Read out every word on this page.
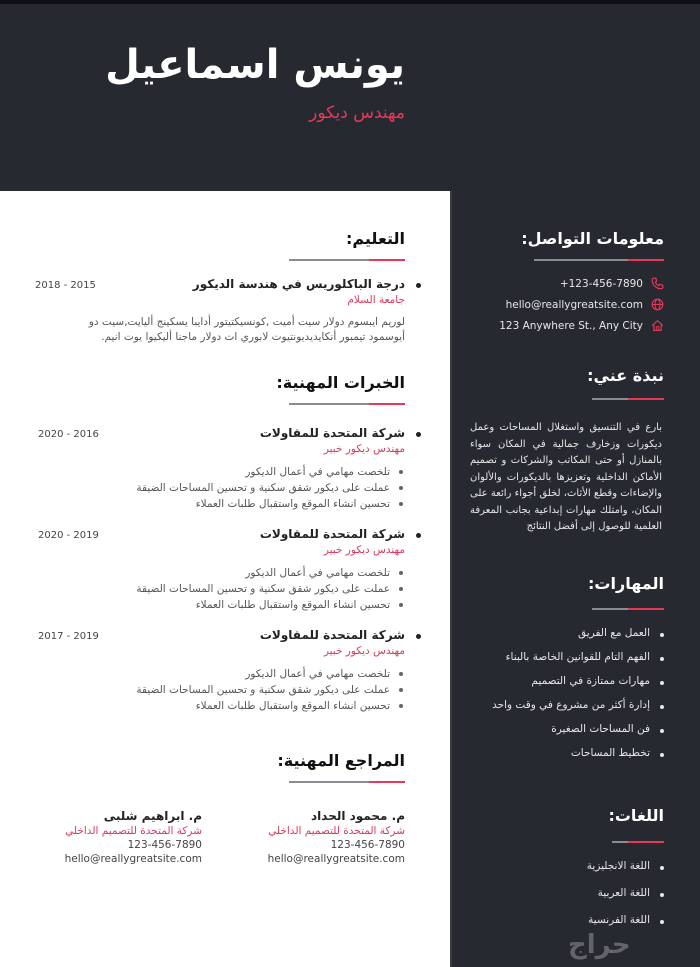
يونس اسماعيل
مهندس ديكور
معلومات التواصل:
+123-456-7890
hello@reallygreatsite.com
123 Anywhere St., Any City
نبذة عني:
بارع في التنسيق واستغلال المساحات وعمل ديكورات وزخارف جمالية في المكان سواء بالمنازل أو حتى المكاتب والشركات و تصميم الأماكن الداخلية وتعزيزها بالديكورات والألوان والإضاءات وقطع الأثاث، لخلق أجواء رائعة على المكان، وامتلك مهارات إبداعية بجانب المعرفة العلمية للوصول إلى أفضل النتائج
المهارات:
العمل مع الفريق
الفهم التام للقوانين الخاصة بالبناء
مهارات ممتازة في التصميم
إدارة أكثر من مشروع في وقت واحد
فن المساحات الصغيرة
تخطيط المساحات
اللغات:
اللغة الانجليزية
اللغة العربية
اللغة الفرنسية
حراج
التعليم:
درجة الباكلوريس في هندسة الديكور
جامعة السلام
2018 - 2015
لوريم ايبسوم دولار سيت أميت ,كونسيكتيتور أدايبا يسكينج أليايت,سيت دو أيوسمود تيمبور أنكايديديونتيوت لابوري ات دولار ماجنا أليكيوا يوت انيم.
الخبرات المهنية:
شركة المتحدة للمقاولات
مهندس ديكور خبير
2020 - 2016
تلخصت مهامي في أعمال الديكور
عملت على ديكور شقق سكنية و تحسين المساحات الضيقة
تحسين انشاء الموقع واستقبال طلبات العملاء
شركة المتحدة للمقاولات
مهندس ديكور خبير
2020 - 2019
تلخصت مهامي في أعمال الديكور
عملت على ديكور شقق سكنية و تحسين المساحات الضيقة
تحسين انشاء الموقع واستقبال طلبات العملاء
شركة المتحدة للمقاولات
مهندس ديكور خبير
2017 - 2019
تلخصت مهامي في أعمال الديكور
عملت على ديكور شقق سكنية و تحسين المساحات الضيقة
تحسين انشاء الموقع واستقبال طلبات العملاء
المراجع المهنية:
م. محمود الحداد
شركة المتحدة للتصميم الداخلي
123-456-7890
hello@reallygreatsite.com
م. ابراهيم شلبى
شركة المتحدة للتصميم الداخلي
123-456-7890
hello@reallygreatsite.com
